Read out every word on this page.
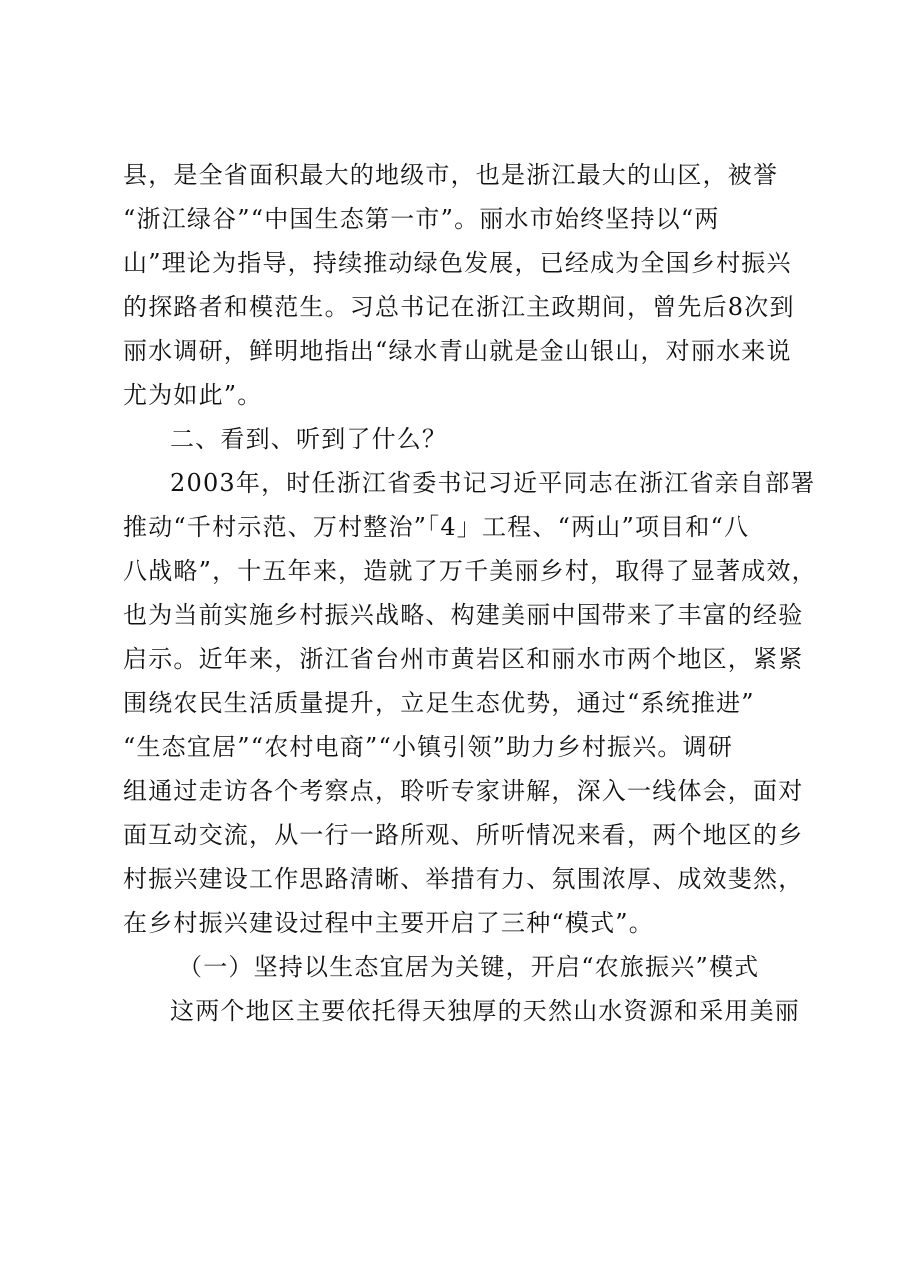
县，是全省面积最大的地级市，也是浙江最大的山区，被誉
“浙江绿谷”“中国生态第一市”。丽水市始终坚持以“两
山”理论为指导，持续推动绿色发展，已经成为全国乡村振兴
的探路者和模范生。习总书记在浙江主政期间，曾先后8次到
丽水调研，鲜明地指出“绿水青山就是金山银山，对丽水来说
尤为如此”。
二、看到、听到了什么？
2003年，时任浙江省委书记习近平同志在浙江省亲自部署
推动“千村示范、万村整治”「4」工程、“两山”项目和“八
八战略”，十五年来，造就了万千美丽乡村，取得了显著成效，
也为当前实施乡村振兴战略、构建美丽中国带来了丰富的经验
启示。近年来，浙江省台州市黄岩区和丽水市两个地区，紧紧
围绕农民生活质量提升，立足生态优势，通过“系统推进”
“生态宜居”“农村电商”“小镇引领”助力乡村振兴。调研
组通过走访各个考察点，聆听专家讲解，深入一线体会，面对
面互动交流，从一行一路所观、所听情况来看，两个地区的乡
村振兴建设工作思路清晰、举措有力、氛围浓厚、成效斐然，
在乡村振兴建设过程中主要开启了三种“模式”。
（一）坚持以生态宜居为关键，开启“农旅振兴”模式
这两个地区主要依托得天独厚的天然山水资源和采用美丽
